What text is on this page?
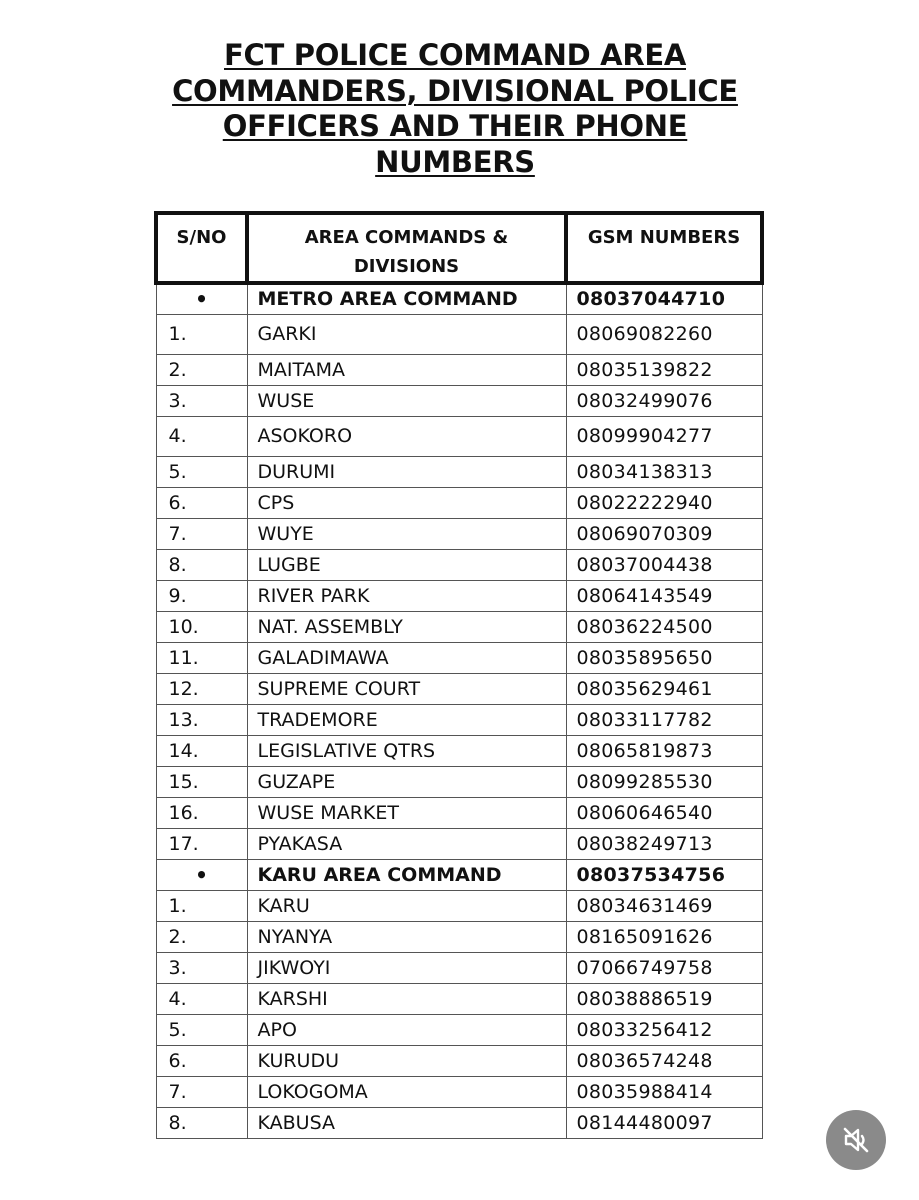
FCT POLICE COMMAND AREA COMMANDERS, DIVISIONAL POLICE OFFICERS AND THEIR PHONE NUMBERS
S/NO	AREA COMMANDS & DIVISIONS	GSM NUMBERS
•	METRO AREA COMMAND	08037044710
1.	GARKI	08069082260
2.	MAITAMA	08035139822
3.	WUSE	08032499076
4.	ASOKORO	08099904277
5.	DURUMI	08034138313
6.	CPS	08022222940
7.	WUYE	08069070309
8.	LUGBE	08037004438
9.	RIVER PARK	08064143549
10.	NAT. ASSEMBLY	08036224500
11.	GALADIMAWA	08035895650
12.	SUPREME COURT	08035629461
13.	TRADEMORE	08033117782
14.	LEGISLATIVE QTRS	08065819873
15.	GUZAPE	08099285530
16.	WUSE MARKET	08060646540
17.	PYAKASA	08038249713
•	KARU AREA COMMAND	08037534756
1.	KARU	08034631469
2.	NYANYA	08165091626
3.	JIKWOYI	07066749758
4.	KARSHI	08038886519
5.	APO	08033256412
6.	KURUDU	08036574248
7.	LOKOGOMA	08035988414
8.	KABUSA	08144480097
